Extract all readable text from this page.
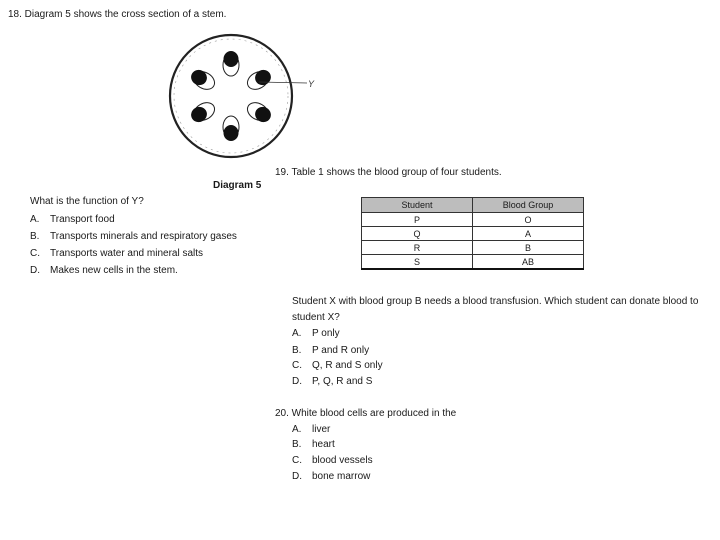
18. Diagram 5 shows the cross section of a stem.
Y
Diagram 5
What is the function of Y?
A. Transport food
B. Transports minerals and respiratory gases
C. Transports water and mineral salts
D. Makes new cells in the stem.
19. Table 1 shows the blood group of four students.
Student	Blood Group
P	O
Q	A
R	B
S	AB
Student X with blood group B needs a blood transfusion. Which student can donate blood to
student X?
A. P only
B. P and R only
C. Q, R and S only
D. P, Q, R and S
20. White blood cells are produced in the
A. liver
B. heart
C. blood vessels
D. bone marrow
